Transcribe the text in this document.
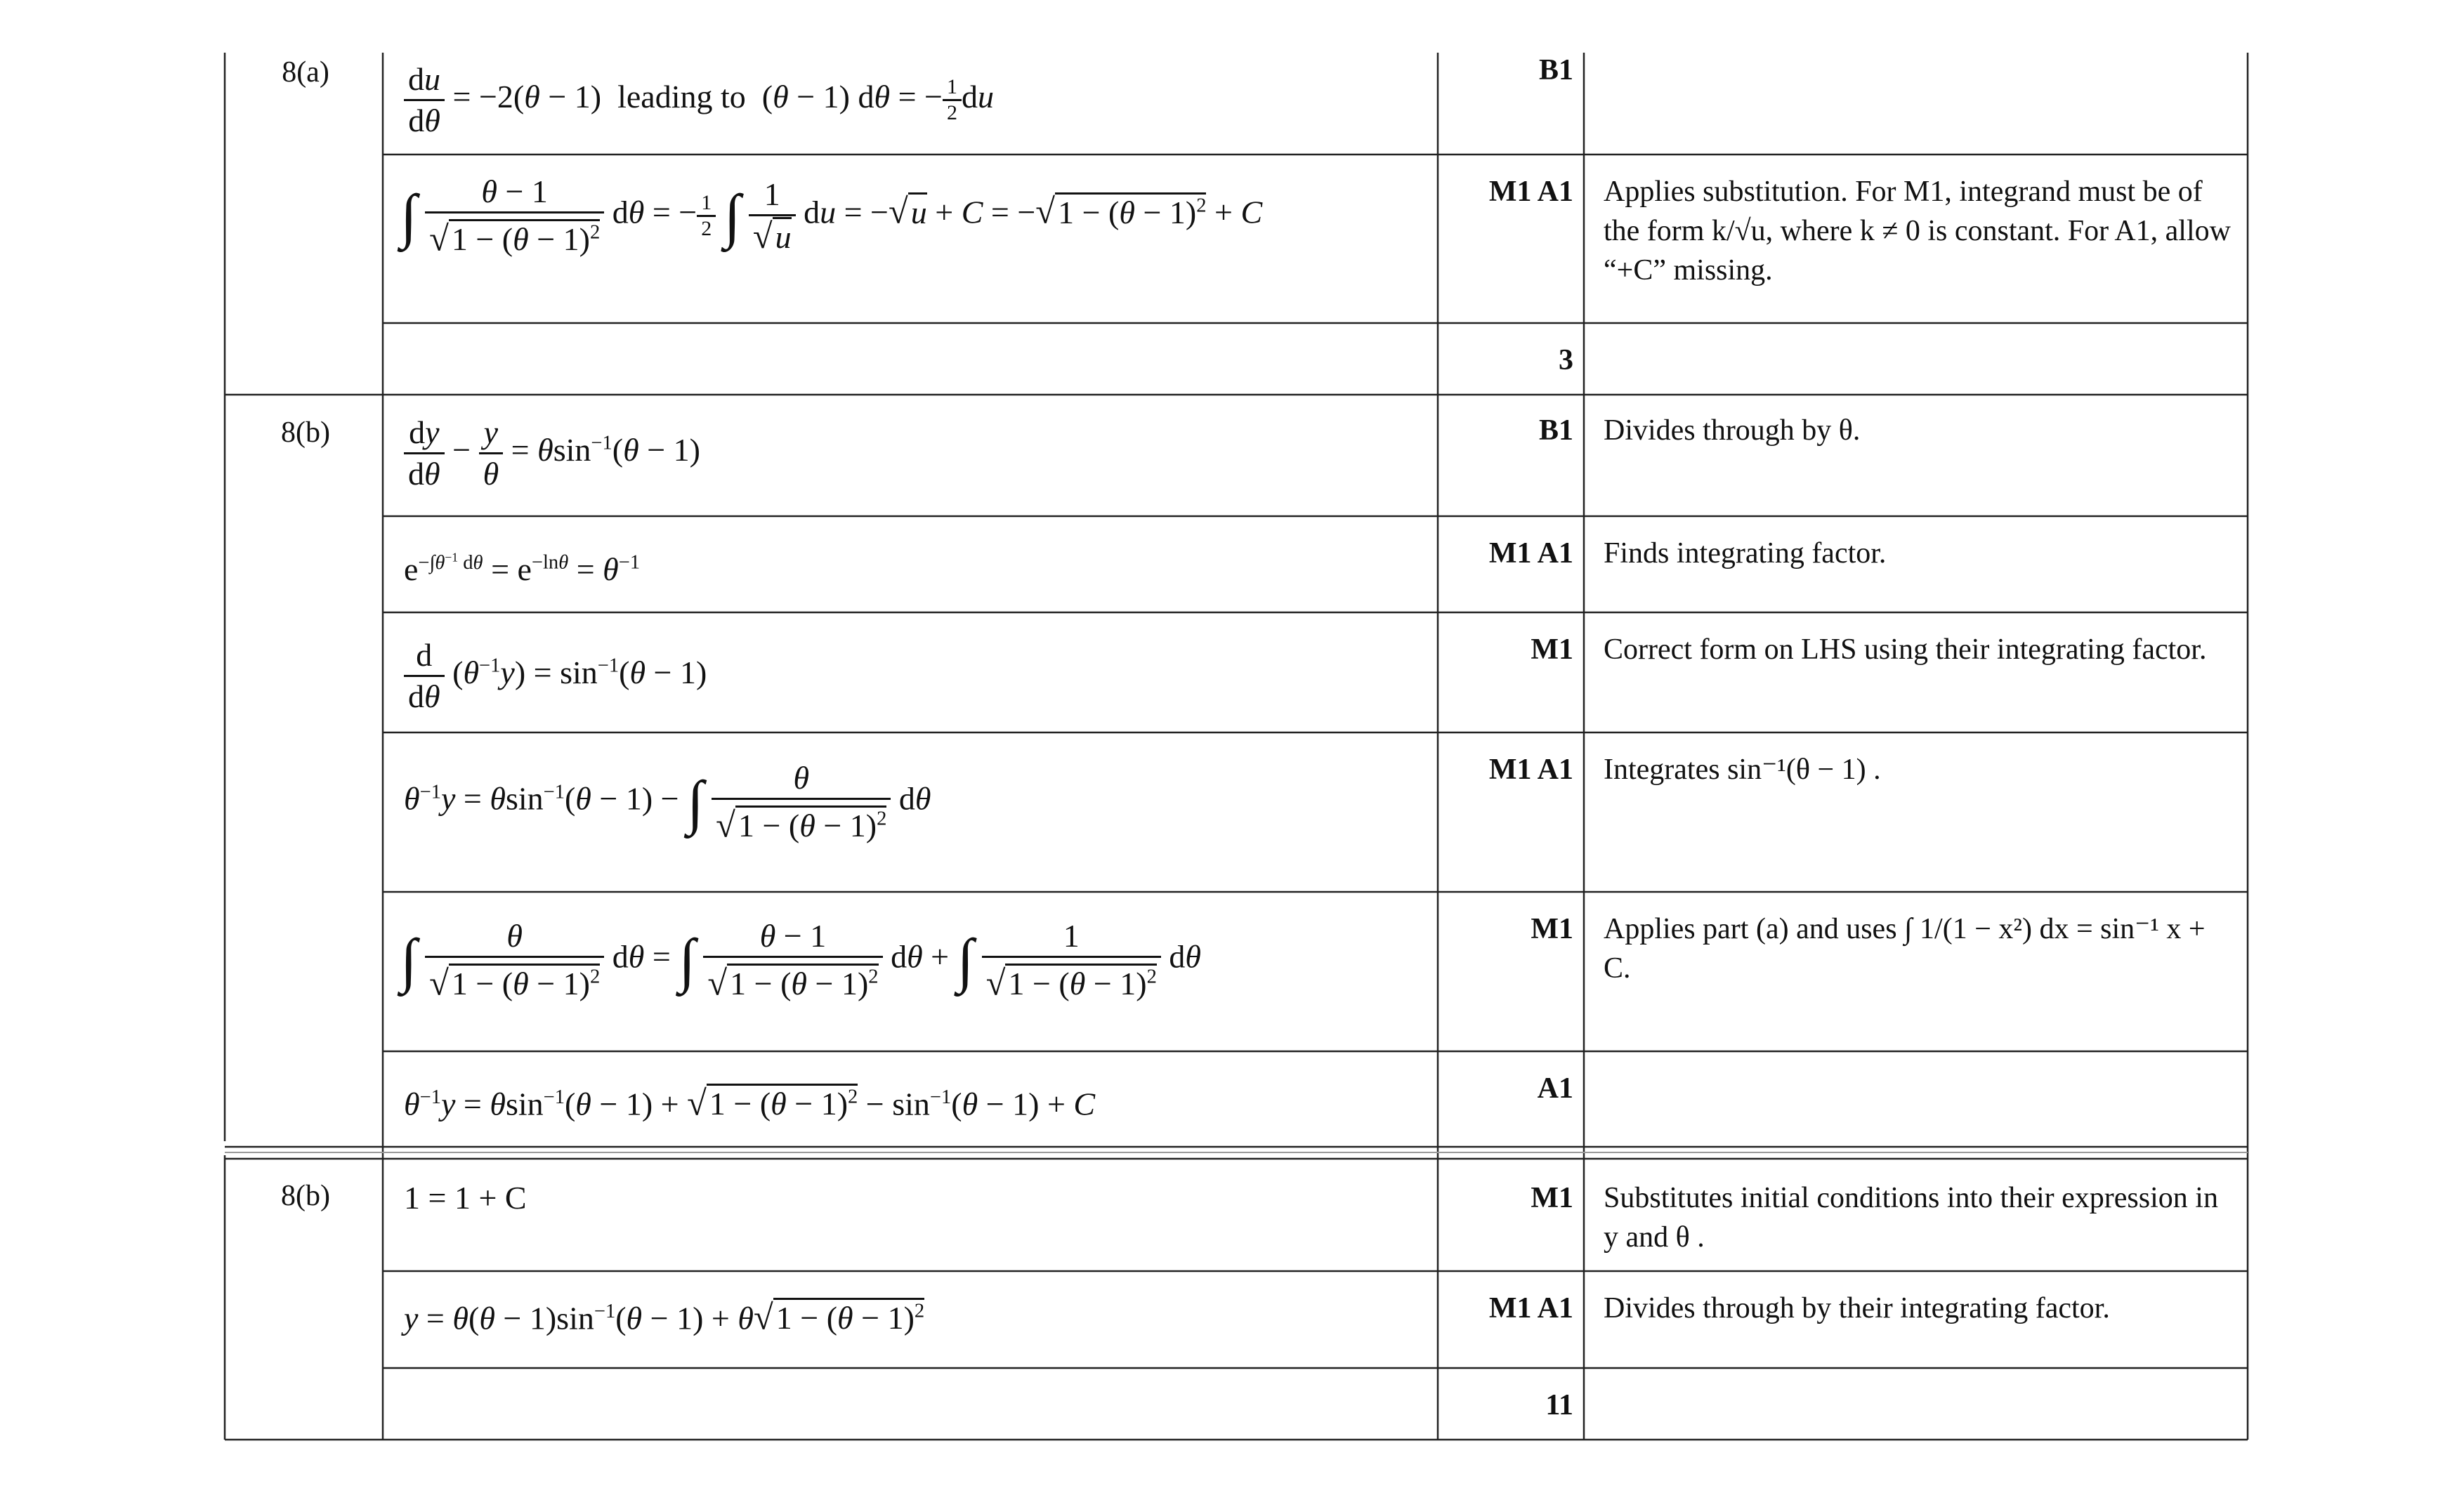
8(a)
8(b)
8(b)
B1
M1 A1
3
B1
M1 A1
M1
M1 A1
M1
A1
M1
M1 A1
11
Applies substitution. For M1, integrand must be of the form k/√u, where k ≠ 0 is constant. For A1, allow “+C” missing.
Divides through by θ.
Finds integrating factor.
Correct form on LHS using their integrating factor.
Integrates sin⁻¹(θ − 1) .
Applies part (a) and uses ∫ 1/(1 − x²) dx = sin⁻¹ x + C.
Substitutes initial conditions into their expression in y and θ .
Divides through by their integrating factor.
$\frac{du}{d\theta} = -2(\theta - 1)$  leading to  (θ − 1) dθ = − $\frac{1}{2}$ du
∫ $\frac{\theta - 1}{√1 - (\theta - 1)^2}$ dθ = − $\frac{1}{2}$ ∫ $\frac{1}{√u}$ du = $-√u + C = -√1 - (\theta - 1)^2 + C$
$\frac{dy}{d\theta} - \frac{y}{\theta} = \theta\sin^{-1}(\theta - 1)$
$e^{-\int\theta^{-1} d\theta} = e^{-ln\theta} = \theta^{-1}$
$\frac{d}{d\theta} (\theta^{-1}y) = \sin^{-1}(\theta - 1)$
$\theta^{-1}y = \theta\sin^{-1}(\theta - 1)$ − ∫ $\frac{\theta}{√1 - (\theta - 1)^2}$ dθ
∫ $\frac{\theta}{√1 - (\theta - 1)^2}$ dθ = ∫ $\frac{\theta - 1}{√1 - (\theta - 1)^2}$ dθ + ∫ $\frac{1}{√1 - (\theta - 1)^2}$ dθ
$\theta^{-1}y = \theta\sin^{-1}(\theta - 1) + √1 - (\theta - 1)^2 - \sin^{-1}(\theta - 1) + C$
1 = 1 + C
$y = \theta(\theta - 1)\sin^{-1}(\theta - 1) + \theta√1 - (\theta - 1)^2$
